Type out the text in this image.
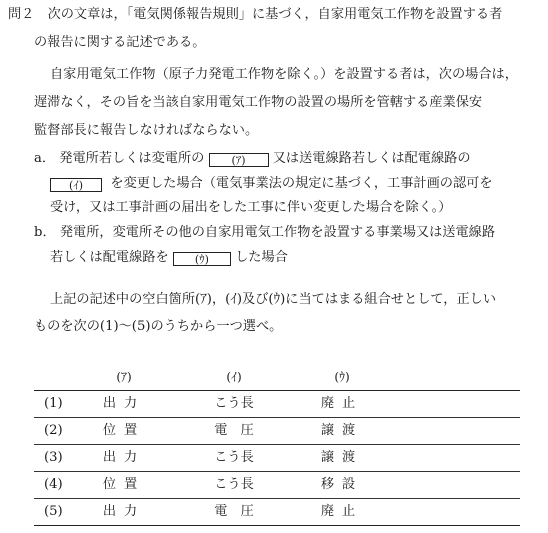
問２　 次の文章は，「電気関係報告規則」に基づく，自家用電気工作物を設置する者
の報告に関する記述である。
自家用電気工作物（原子力発電工作物を除く。）を設置する者は，次の場合は，
遅滞なく，その旨を当該自家用電気工作物の設置の場所を管轄する産業保安
監督部長に報告しなければならない。
a． 発電所若しくは変電所の (ｱ) 又は送電線路若しくは配電線路の
(ｲ) を変更した場合（電気事業法の規定に基づく，工事計画の認可を
受け，又は工事計画の届出をした工事に伴い変更した場合を除く。）
b． 発電所，変電所その他の自家用電気工作物を設置する事業場又は送電線路
若しくは配電線路を (ｳ) した場合
上記の記述中の空白箇所(ｱ)，(ｲ)及び(ｳ)に当てはまる組合せとして，正しい
ものを次の(1)～(5)のうちから一つ選べ。
(ｱ)	(ｲ)	(ｳ)
(1)	出力	こう長	廃止
(2)	位置	電　圧	譲渡
(3)	出力	こう長	譲渡
(4)	位置	こう長	移設
(5)	出力	電　圧	廃止
